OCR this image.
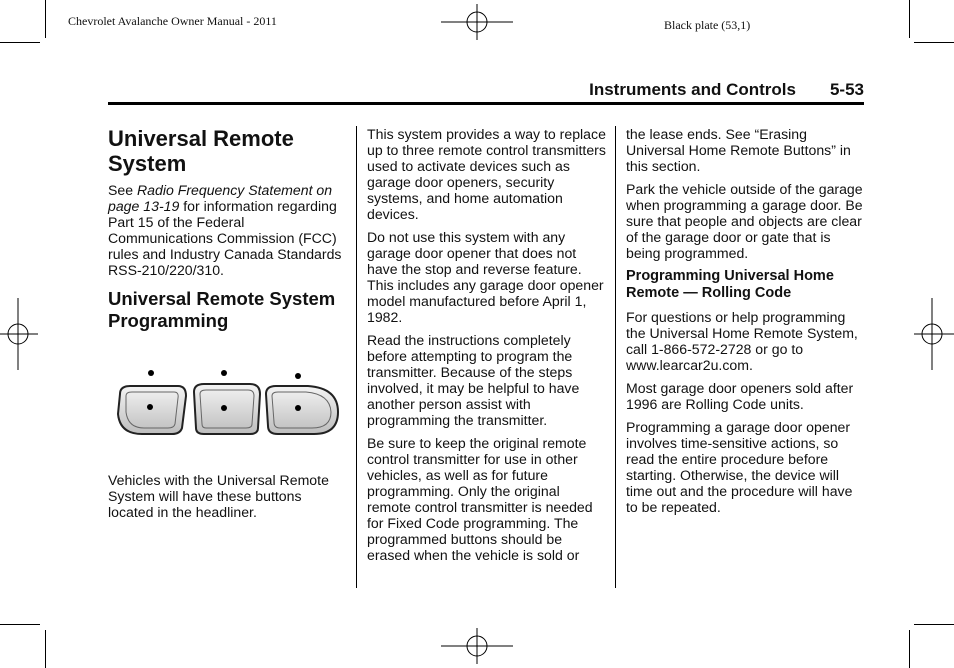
Chevrolet Avalanche Owner Manual - 2011	Black plate (53,1)
Instruments and Controls 5-53
Universal Remote System

See Radio Frequency Statement on page 13-19 for information regarding Part 15 of the Federal Communications Commission (FCC) rules and Industry Canada Standards RSS-210/220/310.

Universal Remote System Programming

Vehicles with the Universal Remote System will have these buttons located in the headliner.

This system provides a way to replace up to three remote control transmitters used to activate devices such as garage door openers, security systems, and home automation devices.

Do not use this system with any garage door opener that does not have the stop and reverse feature. This includes any garage door opener model manufactured before April 1, 1982.

Read the instructions completely before attempting to program the transmitter. Because of the steps involved, it may be helpful to have another person assist with programming the transmitter.

Be sure to keep the original remote control transmitter for use in other vehicles, as well as for future programming. Only the original remote control transmitter is needed for Fixed Code programming. The programmed buttons should be erased when the vehicle is sold or

the lease ends. See “Erasing Universal Home Remote Buttons” in this section.

Park the vehicle outside of the garage when programming a garage door. Be sure that people and objects are clear of the garage door or gate that is being programmed.

Programming Universal Home Remote — Rolling Code

For questions or help programming the Universal Home Remote System, call 1-866-572-2728 or go to www.learcar2u.com.

Most garage door openers sold after 1996 are Rolling Code units.

Programming a garage door opener involves time-sensitive actions, so read the entire procedure before starting. Otherwise, the device will time out and the procedure will have to be repeated.
